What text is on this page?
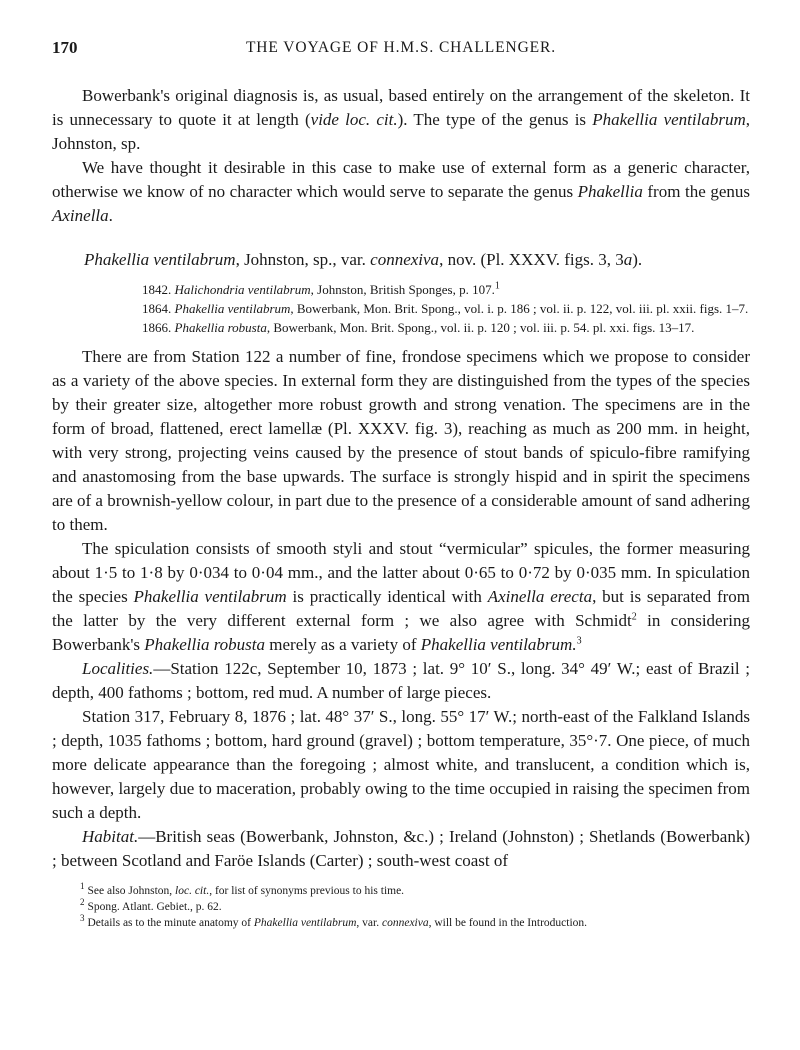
170	THE VOYAGE OF H.M.S. CHALLENGER.

Bowerbank's original diagnosis is, as usual, based entirely on the arrangement of the skeleton. It is unnecessary to quote it at length (vide loc. cit.). The type of the genus is Phakellia ventilabrum, Johnston, sp.

We have thought it desirable in this case to make use of external form as a generic character, otherwise we know of no character which would serve to separate the genus Phakellia from the genus Axinella.

Phakellia ventilabrum, Johnston, sp., var. connexiva, nov. (Pl. XXXV. figs. 3, 3a).

1842. Halichondria ventilabrum, Johnston, British Sponges, p. 107.$^1$
1864. Phakellia ventilabrum, Bowerbank, Mon. Brit. Spong., vol. i. p. 186 ; vol. ii. p. 122, vol. iii. pl. xxii. figs. 1–7.
1866. Phakellia robusta, Bowerbank, Mon. Brit. Spong., vol. ii. p. 120 ; vol. iii. p. 54. pl. xxi. figs. 13–17.

There are from Station 122 a number of fine, frondose specimens which we propose to consider as a variety of the above species. In external form they are distinguished from the types of the species by their greater size, altogether more robust growth and strong venation. The specimens are in the form of broad, flattened, erect lamellæ (Pl. XXXV. fig. 3), reaching as much as 200 mm. in height, with very strong, projecting veins caused by the presence of stout bands of spiculo-fibre ramifying and anastomosing from the base upwards. The surface is strongly hispid and in spirit the specimens are of a brownish-yellow colour, in part due to the presence of a considerable amount of sand adhering to them.

The spiculation consists of smooth styli and stout “vermicular” spicules, the former measuring about 1·5 to 1·8 by 0·034 to 0·04 mm., and the latter about 0·65 to 0·72 by 0·035 mm. In spiculation the species Phakellia ventilabrum is practically identical with Axinella erecta, but is separated from the latter by the very different external form ; we also agree with Schmidt$^2$ in considering Bowerbank's Phakellia robusta merely as a variety of Phakellia ventilabrum.$^3$

Localities.—Station 122c, September 10, 1873 ; lat. 9° 10′ S., long. 34° 49′ W.; east of Brazil ; depth, 400 fathoms ; bottom, red mud. A number of large pieces.

Station 317, February 8, 1876 ; lat. 48° 37′ S., long. 55° 17′ W.; north-east of the Falkland Islands ; depth, 1035 fathoms ; bottom, hard ground (gravel) ; bottom temperature, 35°·7. One piece, of much more delicate appearance than the foregoing ; almost white, and translucent, a condition which is, however, largely due to maceration, probably owing to the time occupied in raising the specimen from such a depth.

Habitat.—British seas (Bowerbank, Johnston, &c.) ; Ireland (Johnston) ; Shetlands (Bowerbank) ; between Scotland and Faröe Islands (Carter) ; south-west coast of

$^1$ See also Johnston, loc. cit., for list of synonyms previous to his time.
$^2$ Spong. Atlant. Gebiet., p. 62.
$^3$ Details as to the minute anatomy of Phakellia ventilabrum, var. connexiva, will be found in the Introduction.
